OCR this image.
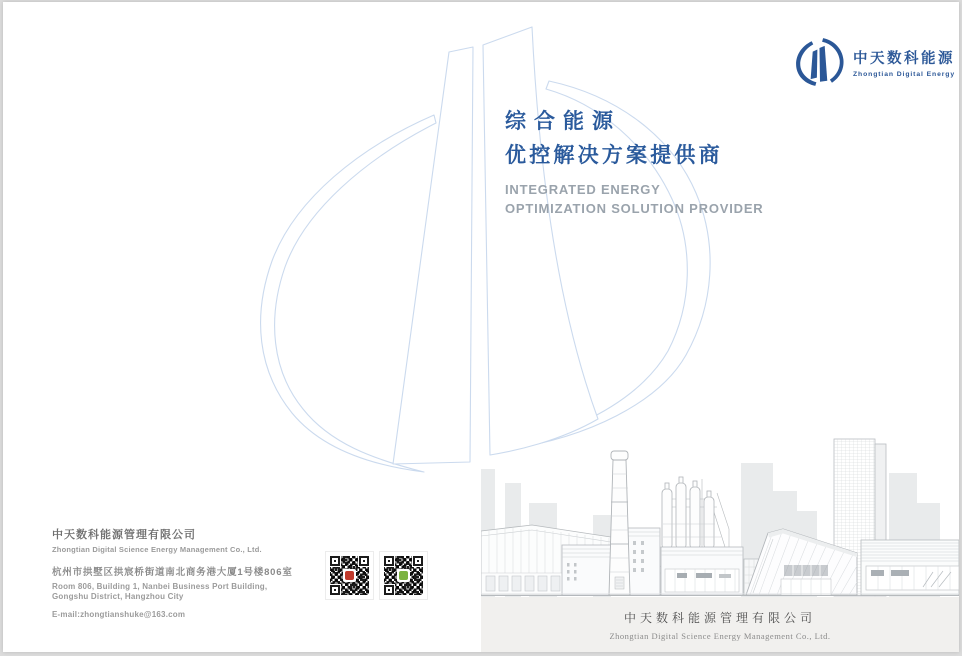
中天数科能源
Zhongtian Digital Energy
综合能源
优控解决方案提供商
INTEGRATED ENERGY
OPTIMIZATION SOLUTION PROVIDER
中天数科能源管理有限公司
Zhongtian Digital Science Energy Management Co., Ltd.
杭州市拱墅区拱宸桥街道南北商务港大厦1号楼806室
Room 806, Building 1, Nanbei Business Port Building,
Gongshu District, Hangzhou City
E-mail:zhongtianshuke@163.com	中天数科能源管理有限公司
Zhongtian Digital Science Energy Management Co., Ltd.
